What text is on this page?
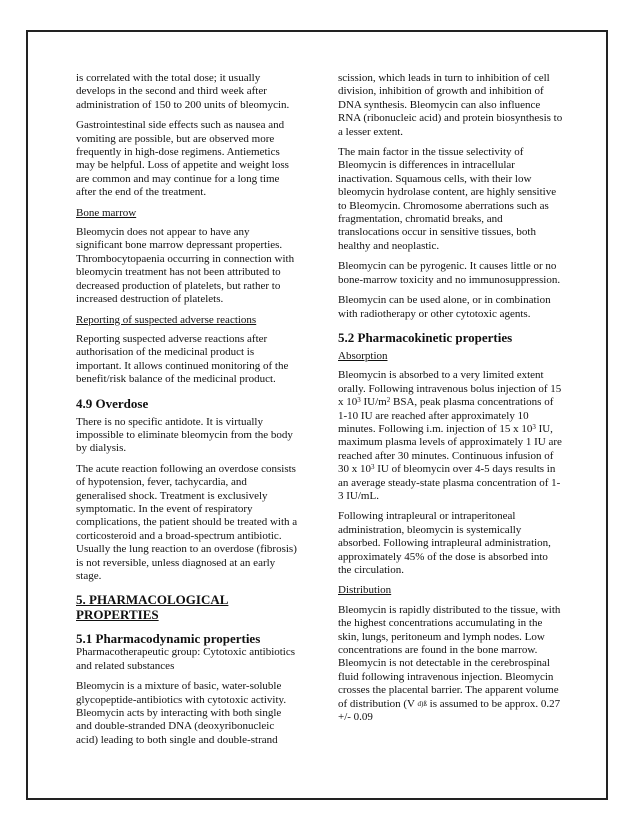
is correlated with the total dose; it usually develops in the second and third week after administration of 150 to 200 units of bleomycin.

Gastrointestinal side effects such as nausea and vomiting are possible, but are observed more frequently in high-dose regimens. Antiemetics may be helpful. Loss of appetite and weight loss are common and may continue for a long time after the end of the treatment.

Bone marrow

Bleomycin does not appear to have any significant bone marrow depressant properties. Thrombocytopaenia occurring in connection with bleomycin treatment has not been attributed to decreased production of platelets, but rather to increased destruction of platelets.

Reporting of suspected adverse reactions

Reporting suspected adverse reactions after authorisation of the medicinal product is important. It allows continued monitoring of the benefit/risk balance of the medicinal product.

4.9 Overdose

There is no specific antidote. It is virtually impossible to eliminate bleomycin from the body by dialysis.

The acute reaction following an overdose consists of hypotension, fever, tachycardia, and generalised shock. Treatment is exclusively symptomatic. In the event of respiratory complications, the patient should be treated with a corticosteroid and a broad-spectrum antibiotic. Usually the lung reaction to an overdose (fibrosis) is not reversible, unless diagnosed at an early stage.

5. PHARMACOLOGICAL PROPERTIES
5.1 Pharmacodynamic properties

Pharmacotherapeutic group: Cytotoxic antibiotics and related substances

Bleomycin is a mixture of basic, water-soluble glycopeptide-antibiotics with cytotoxic activity. Bleomycin acts by interacting with both single and double-stranded DNA (deoxyribonucleic acid) leading to both single and double-strand

scission, which leads in turn to inhibition of cell division, inhibition of growth and inhibition of DNA synthesis. Bleomycin can also influence RNA (ribonucleic acid) and protein biosynthesis to a lesser extent.

The main factor in the tissue selectivity of Bleomycin is differences in intracellular inactivation. Squamous cells, with their low bleomycin hydrolase content, are highly sensitive to Bleomycin. Chromosome aberrations such as fragmentation, chromatid breaks, and translocations occur in sensitive tissues, both healthy and neoplastic.

Bleomycin can be pyrogenic. It causes little or no bone-marrow toxicity and no immunosuppression.

Bleomycin can be used alone, or in combination with radiotherapy or other cytotoxic agents.

5.2 Pharmacokinetic properties

Absorption

Bleomycin is absorbed to a very limited extent orally. Following intravenous bolus injection of 15 x $10^3$ $IU/m^2$ BSA, peak plasma concentrations of 1-10 IU are reached after approximately 10 minutes. Following i.m. injection of 15 x $10^3$ IU, maximum plasma levels of approximately 1 IU are reached after 30 minutes. Continuous infusion of 30 x $10^3$ IU of bleomycin over 4-5 days results in an average steady-state plasma concentration of 1-3 IU/mL.

Following intrapleural or intraperitoneal administration, bleomycin is systemically absorbed. Following intrapleural administration, approximately 45% of the dose is absorbed into the circulation.

Distribution

Bleomycin is rapidly distributed to the tissue, with the highest concentrations accumulating in the skin, lungs, peritoneum and lymph nodes. Low concentrations are found in the bone marrow. Bleomycin is not detectable in the cerebrospinal fluid following intravenous injection. Bleomycin crosses the placental barrier. The apparent volume of distribution (V d)ß is assumed to be approx. 0.27 +/- 0.09
